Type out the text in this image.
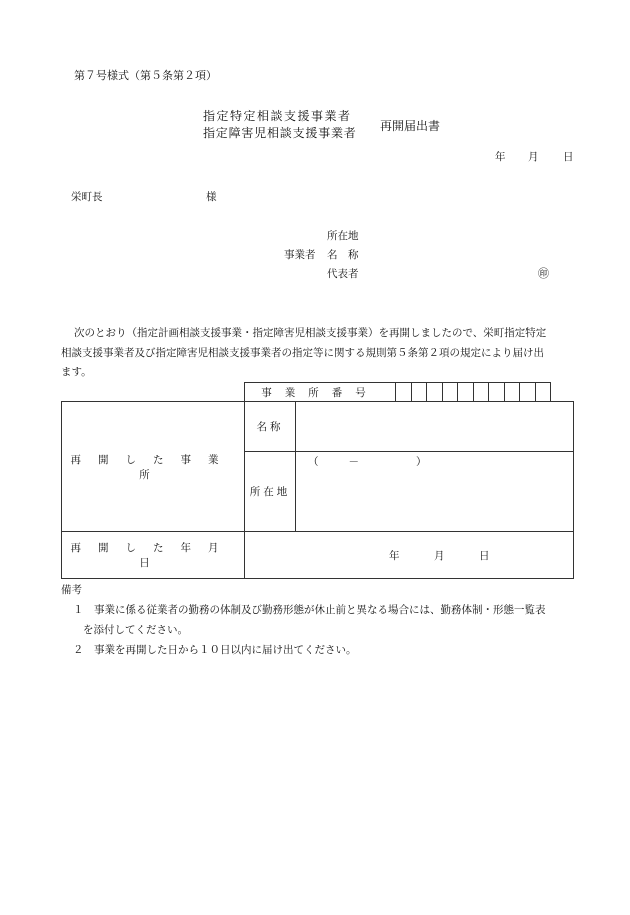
第７号様式（第５条第２項）
指定特定相談支援事業者
指定障害児相談支援事業者 再開届出書
年 月 日
栄町長	様
所在地
事業者 名　称
代表者	㊞
次のとおり（指定計画相談支援事業・指定障害児相談支援事業）を再開しましたので、栄町指定特定
相談支援事業者及び指定障害児相談支援事業者の指定等に関する規則第５条第２項の規定により届け出
ます。
事業所番号										
再開した事業所	名称	
	所在地	（　　－　　　　）
再開した年月日	年 月 日	
備考
１ 事業に係る従業者の勤務の体制及び勤務形態が休止前と異なる場合には、勤務体制・形態一覧表
を添付してください。
２ 事業を再開した日から１０日以内に届け出てください。
